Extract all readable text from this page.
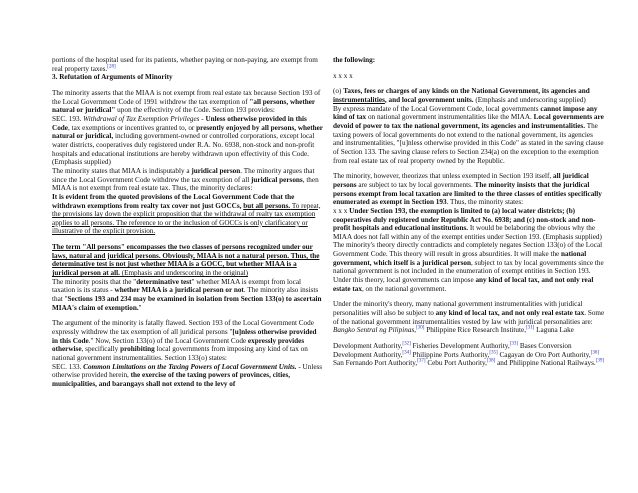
portions of the hospital used for its patients, whether paying or non-paying, are exempt from real property taxes.[28]
3. Refutation of Arguments of Minority

The minority asserts that the MIAA is not exempt from real estate tax because Section 193 of the Local Government Code of 1991 withdrew the tax exemption of "all persons, whether natural or juridical" upon the effectivity of the Code. Section 193 provides:
SEC. 193. Withdrawal of Tax Exemption Privileges - Unless otherwise provided in this Code, tax exemptions or incentives granted to, or presently enjoyed by all persons, whether natural or juridical, including government-owned or controlled corporations, except local water districts, cooperatives duly registered under R.A. No. 6938, non-stock and non-profit hospitals and educational institutions are hereby withdrawn upon effectivity of this Code. (Emphasis supplied)
The minority states that MIAA is indisputably a juridical person. The minority argues that since the Local Government Code withdrew the tax exemption of all juridical persons, then MIAA is not exempt from real estate tax. Thus, the minority declares:
It is evident from the quoted provisions of the Local Government Code that the withdrawn exemptions from realty tax cover not just GOCCs, but all persons. To repeat, the provisions lay down the explicit proposition that the withdrawal of realty tax exemption applies to all persons. The reference to or the inclusion of GOCCs is only clarificatory or illustrative of the explicit provision.

The term "All persons" encompasses the two classes of persons recognized under our laws, natural and juridical persons. Obviously, MIAA is not a natural person. Thus, the determinative test is not just whether MIAA is a GOCC, but whether MIAA is a juridical person at all. (Emphasis and underscoring in the original)
The minority posits that the "determinative test" whether MIAA is exempt from local taxation is its status - whether MIAA is a juridical person or not. The minority also insists that "Sections 193 and 234 may be examined in isolation from Section 133(o) to ascertain MIAA's claim of exemption."

The argument of the minority is fatally flawed. Section 193 of the Local Government Code expressly withdrew the tax exemption of all juridical persons "[u]nless otherwise provided in this Code." Now, Section 133(o) of the Local Government Code expressly provides otherwise, specifically prohibiting local governments from imposing any kind of tax on national government instrumentalities. Section 133(o) states:
SEC. 133. Common Limitations on the Taxing Powers of Local Government Units. - Unless otherwise provided herein, the exercise of the taxing powers of provinces, cities, municipalities, and barangays shall not extend to the levy of

the following:

x x x x

(o) Taxes, fees or charges of any kinds on the National Government, its agencies and instrumentalities, and local government units. (Emphasis and underscoring supplied)
By express mandate of the Local Government Code, local governments cannot impose any kind of tax on national government instrumentalities like the MIAA. Local governments are devoid of power to tax the national government, its agencies and instrumentalities. The taxing powers of local governments do not extend to the national government, its agencies and instrumentalities, "[u]nless otherwise provided in this Code" as stated in the saving clause of Section 133. The saving clause refers to Section 234(a) on the exception to the exemption from real estate tax of real property owned by the Republic.

The minority, however, theorizes that unless exempted in Section 193 itself, all juridical persons are subject to tax by local governments. The minority insists that the juridical persons exempt from local taxation are limited to the three classes of entities specifically enumerated as exempt in Section 193. Thus, the minority states:
x x x Under Section 193, the exemption is limited to (a) local water districts; (b) cooperatives duly registered under Republic Act No. 6938; and (c) non-stock and non-profit hospitals and educational institutions. It would be belaboring the obvious why the MIAA does not fall within any of the exempt entities under Section 193. (Emphasis supplied)
The minority's theory directly contradicts and completely negates Section 133(o) of the Local Government Code. This theory will result in gross absurdities. It will make the national government, which itself is a juridical person, subject to tax by local governments since the national government is not included in the enumeration of exempt entities in Section 193. Under this theory, local governments can impose any kind of local tax, and not only real estate tax, on the national government.

Under the minority's theory, many national government instrumentalities with juridical personalities will also be subject to any kind of local tax, and not only real estate tax. Some of the national government instrumentalities vested by law with juridical personalities are: Bangko Sentral ng Pilipinas,[30] Philippine Rice Research Institute,[31] Laguna Lake

Development Authority,[32] Fisheries Development Authority,[33] Bases Conversion Development Authority,[34] Philippine Ports Authority,[35] Cagayan de Oro Port Authority,[36] San Fernando Port Authority,[37] Cebu Port Authority,[38] and Philippine National Railways.[39]
